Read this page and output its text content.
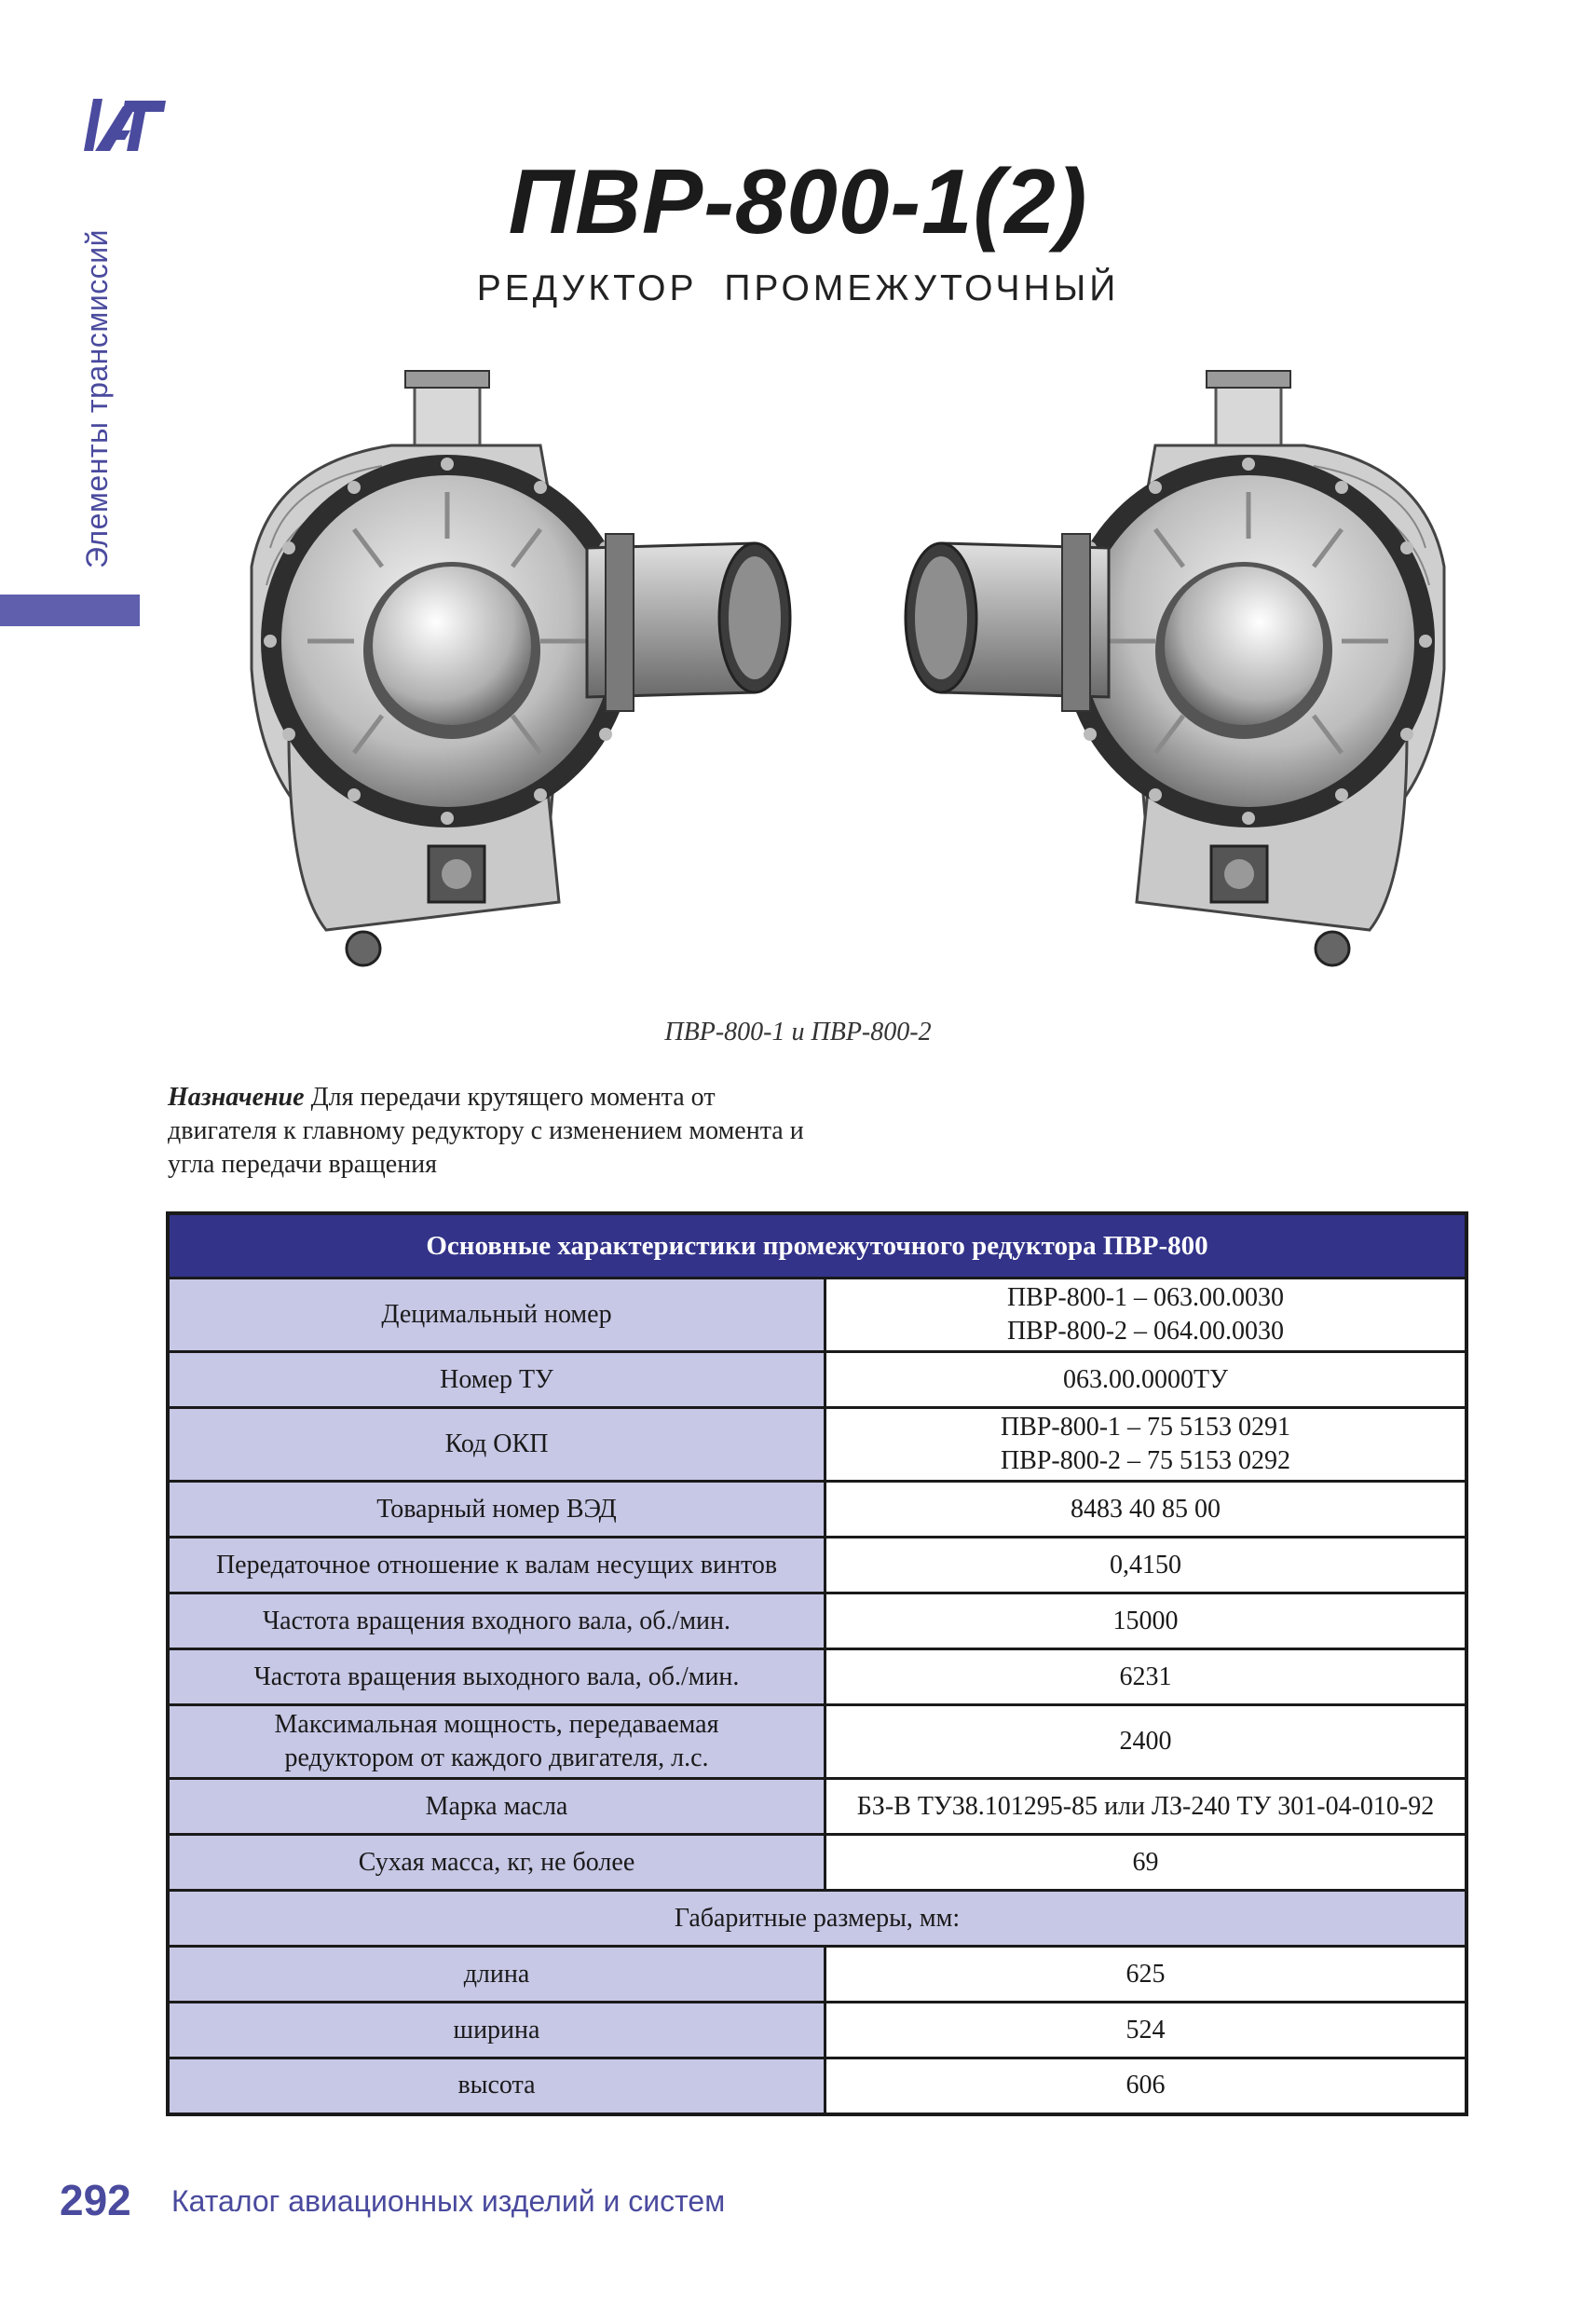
Элементы трансмиссий
ПВР-800-1(2)
РЕДУКТОР ПРОМЕЖУТОЧНЫЙ
ПВР-800-1 и ПВР-800-2
Назначение Для передачи крутящего момента от двигателя к главному редуктору с изменением момента и угла передачи вращения
Основные характеристики промежуточного редуктора ПВР-800	
Децимальный номер	ПВР-800-1 – 063.00.0030
ПВР-800-2 – 064.00.0030

Номер ТУ	063.00.0000ТУ
Код ОКП	ПВР-800-1 – 75 5153 0291
ПВР-800-2 – 75 5153 0292

Товарный номер ВЭД	8483 40 85 00
Передаточное отношение к валам несущих винтов	0,4150
Частота вращения входного вала, об./мин.	15000
Частота вращения выходного вала, об./мин.	6231

Максимальная мощность, передаваемая
редуктором от каждого двигателя, л.с.	2400
Марка масла	БЗ-В ТУ38.101295-85 или ЛЗ-240 ТУ 301-04-010-92
Сухая масса, кг, не более	69
Габаритные размеры, мм:	
длина	625
ширина	524
высота	606
292 Каталог авиационных изделий и систем
